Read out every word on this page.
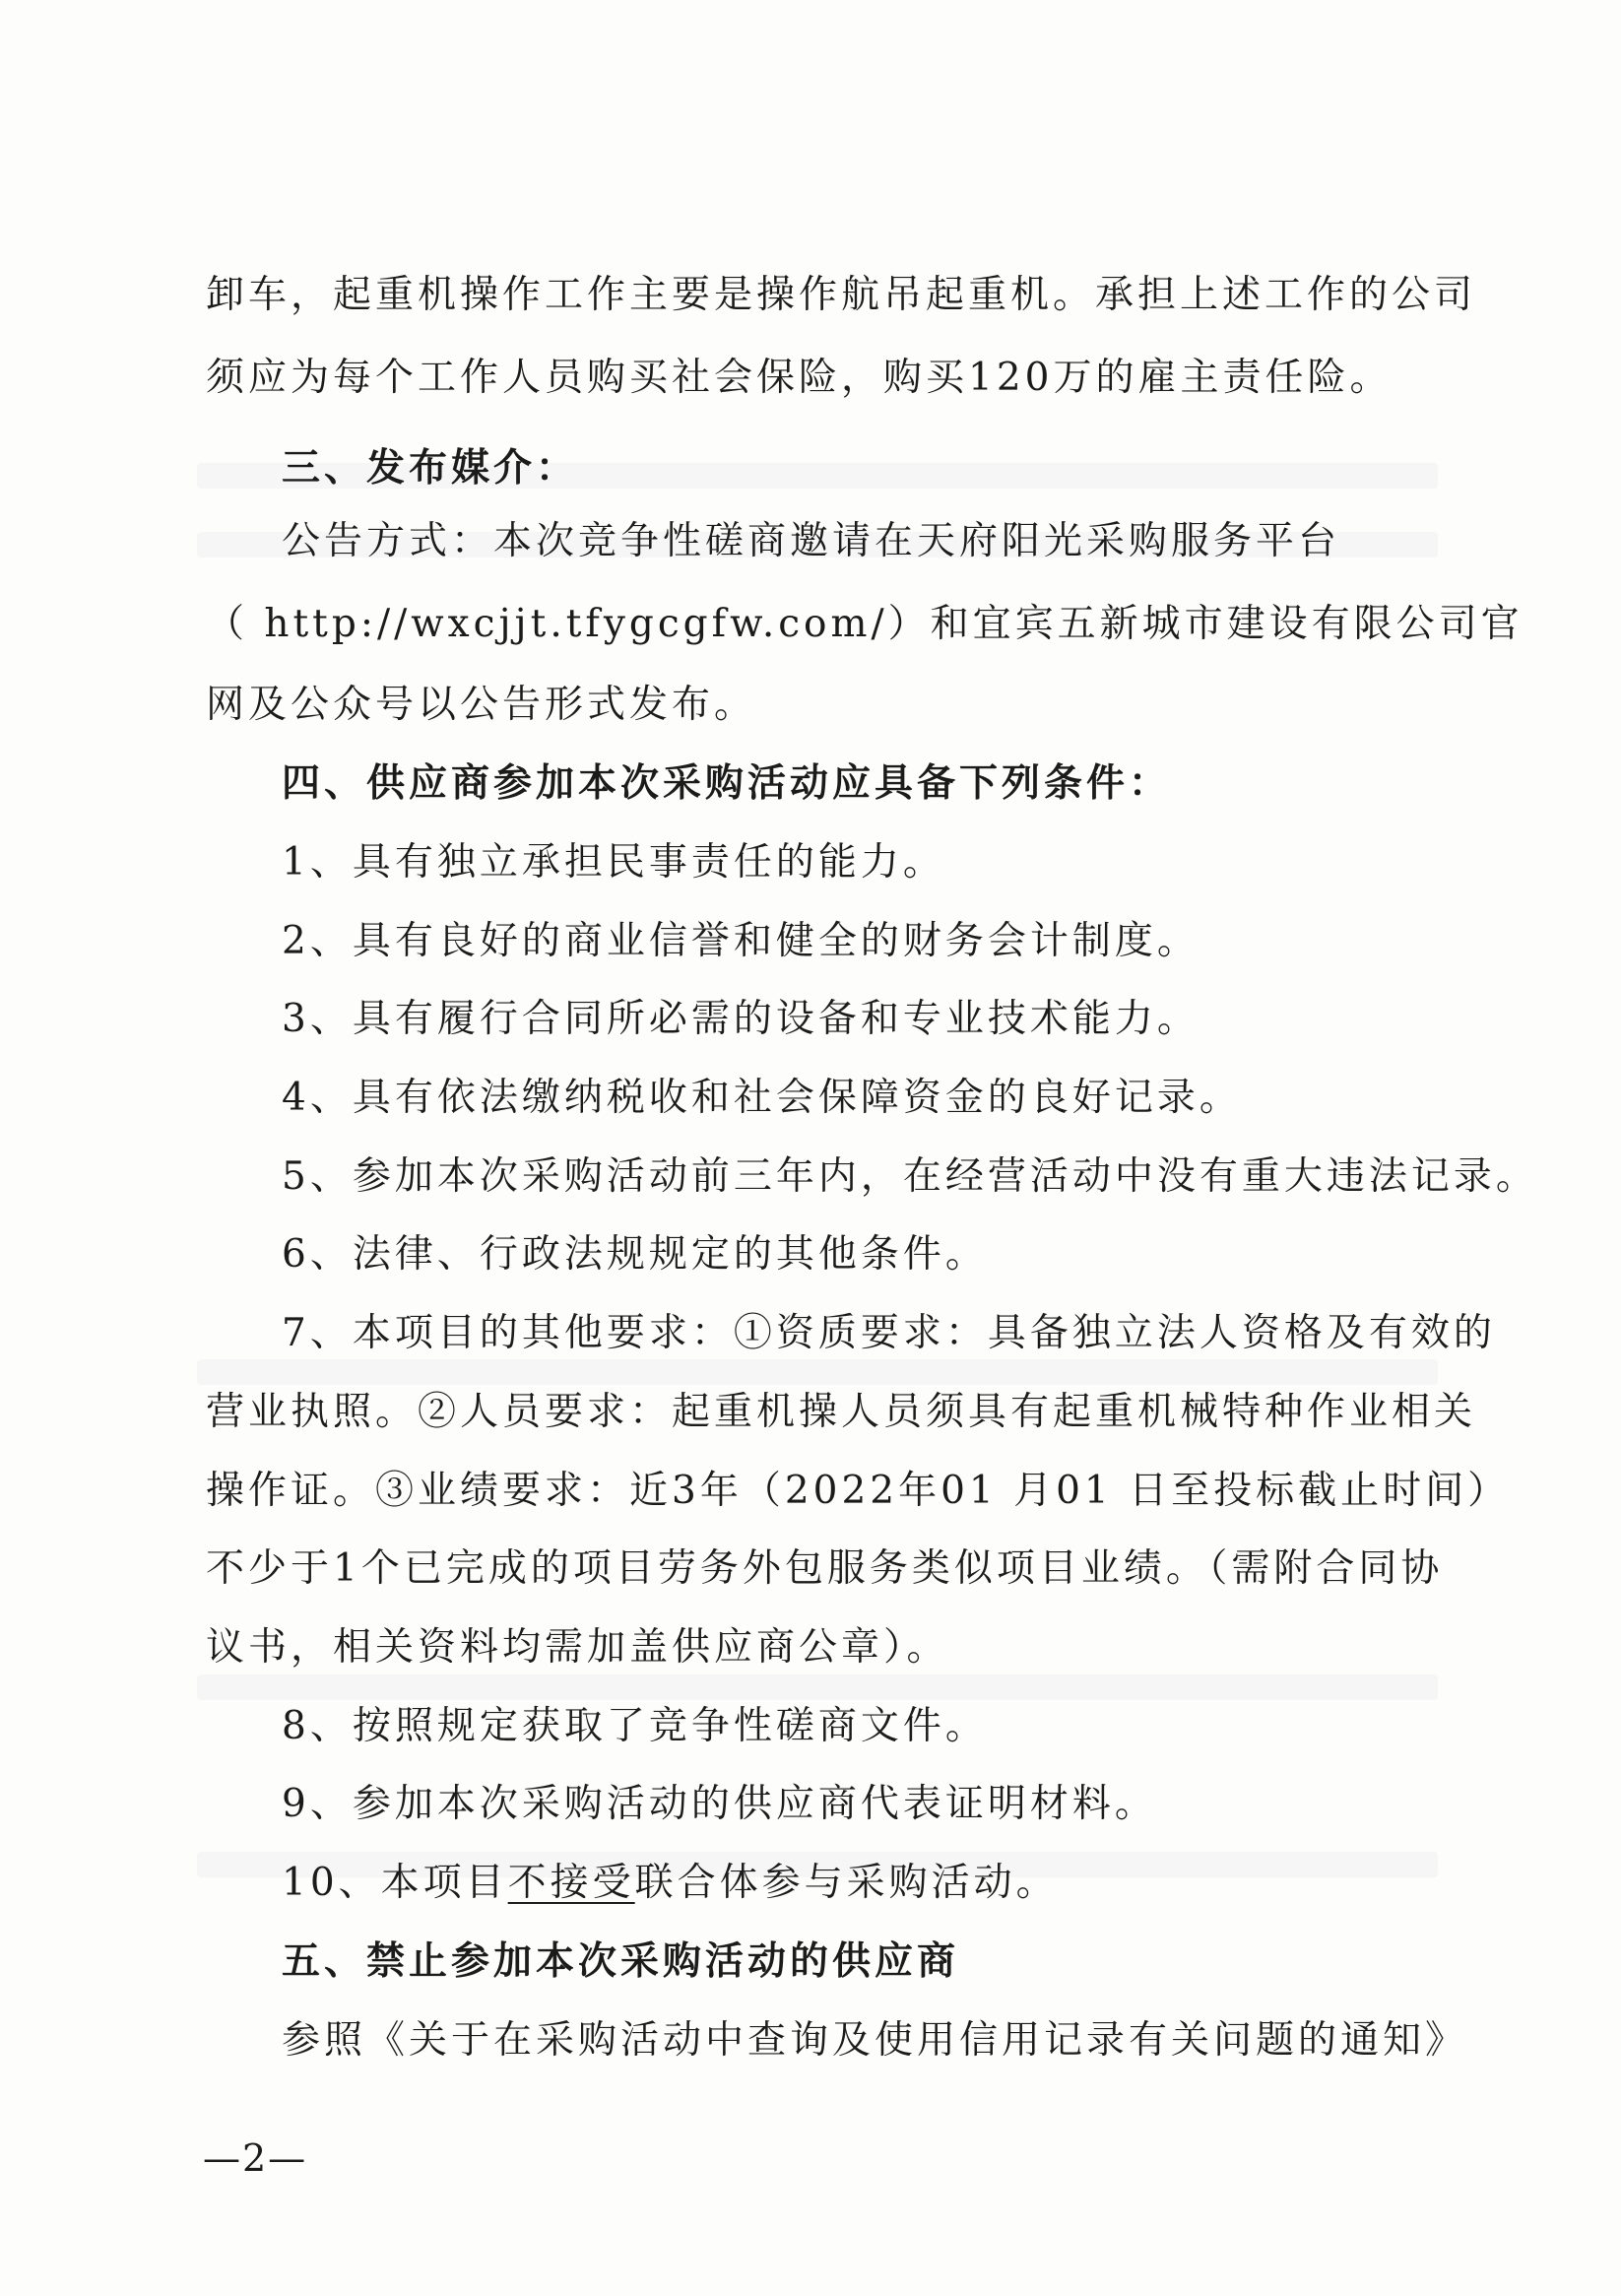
卸车，起重机操作工作主要是操作航吊起重机。承担上述工作的公司
须应为每个工作人员购买社会保险，购买120万的雇主责任险。
三、发布媒介：
公告方式：本次竞争性磋商邀请在天府阳光采购服务平台
（ http://wxcjjt.tfygcgfw.com/）和宜宾五新城市建设有限公司官
网及公众号以公告形式发布。
四、供应商参加本次采购活动应具备下列条件：
1、具有独立承担民事责任的能力。
2、具有良好的商业信誉和健全的财务会计制度。
3、具有履行合同所必需的设备和专业技术能力。
4、具有依法缴纳税收和社会保障资金的良好记录。
5、参加本次采购活动前三年内，在经营活动中没有重大违法记录。
6、法律、行政法规规定的其他条件。
7、本项目的其他要求：①资质要求：具备独立法人资格及有效的
营业执照。②人员要求：起重机操人员须具有起重机械特种作业相关
操作证。③业绩要求：近3年（2022年01 月01 日至投标截止时间）
不少于1个已完成的项目劳务外包服务类似项目业绩。（需附合同协
议书，相关资料均需加盖供应商公章）。
8、按照规定获取了竞争性磋商文件。
9、参加本次采购活动的供应商代表证明材料。
10、本项目不接受联合体参与采购活动。
五、禁止参加本次采购活动的供应商
参照《关于在采购活动中查询及使用信用记录有关问题的通知》
—2—
